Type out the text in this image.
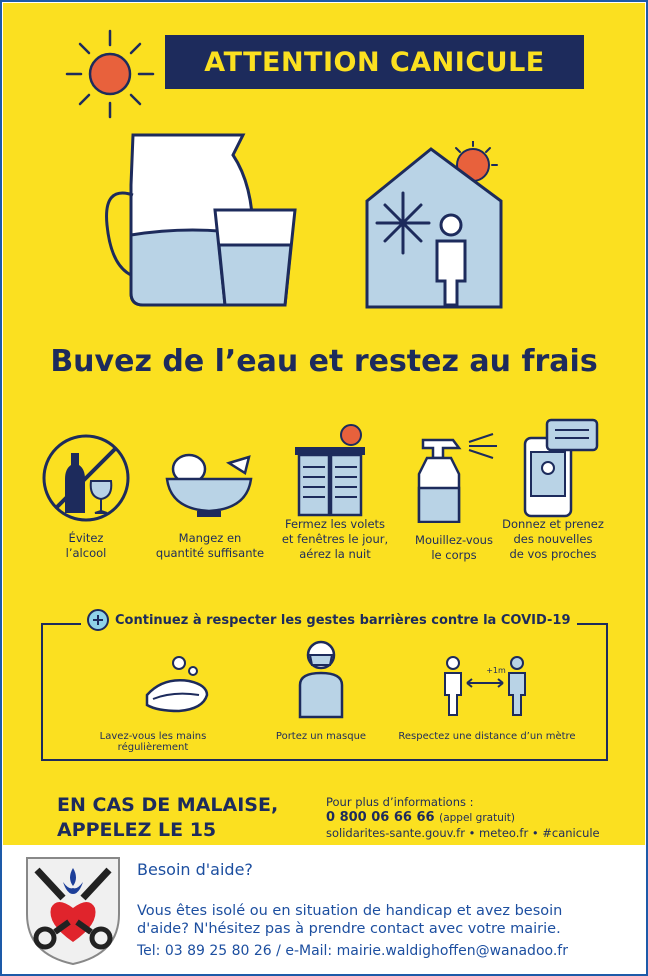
ATTENTION CANICULE
Buvez de l’eau et restez au frais
Évitez
l’alcool
Mangez en
quantité suffisante
Fermez les volets
et fenêtres le jour,
aérez la nuit
Mouillez-vous
le corps
Donnez et prenez
des nouvelles
de vos proches
Continuez à respecter les gestes barrières contre la COVID-19
+1m
Lavez-vous les mains régulièrement
Portez un masque	Respectez une distance d’un mètre
EN CAS DE MALAISE,
APPELEZ LE 15
Pour plus d’informations :
0 800 06 66 66 (appel gratuit)
solidarites-sante.gouv.fr • meteo.fr • #canicule
Besoin d'aide?
Vous êtes isolé ou en situation de handicap et avez besoin
d'aide? N'hésitez pas à prendre contact avec votre mairie.
Tel: 03 89 25 80 26 / e-Mail: mairie.waldighoffen@wanadoo.fr
